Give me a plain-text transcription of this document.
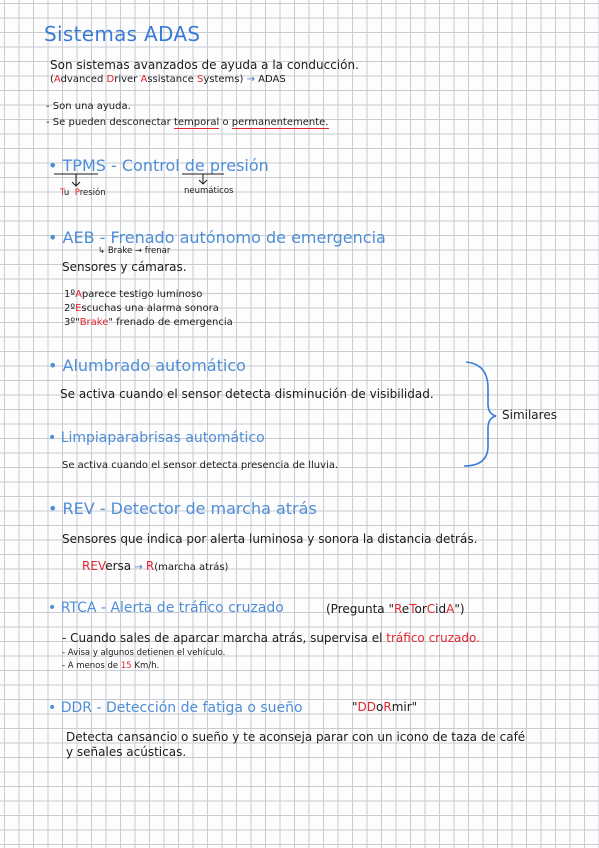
Sistemas ADAS
Son sistemas avanzados de ayuda a la conducción.
(Advanced Driver Assistance Systems) → ADAS
- Son una ayuda.
- Se pueden desconectar temporal o permanentemente.
• TPMS - Control de presión
Tu Presión	neumáticos
• AEB - Frenado autónomo de emergencia
↳ Brake → frenar
Sensores y cámaras.
1ºAparece testigo luminoso
2ºEscuchas una alarma sonora
3º"Brake" frenado de emergencia
• Alumbrado automático
Se activa cuando el sensor detecta disminución de visibilidad.
Similares
• Limpiaparabrisas automático
Se activa cuando el sensor detecta presencia de lluvia.
• REV - Detector de marcha atrás
Sensores que indica por alerta luminosa y sonora la distancia detrás.
REVersa → R(marcha atrás)
• RTCA - Alerta de tráfico cruzado	(Pregunta "ReTorCidA")
- Cuando sales de aparcar marcha atrás, supervisa el tráfico cruzado.
- Avisa y algunos detienen el vehículo.
- A menos de 15 Km/h.
• DDR - Detección de fatiga o sueño	"DDoRmir"
Detecta cansancio o sueño y te aconseja parar con un icono de taza de café
y señales acústicas.
